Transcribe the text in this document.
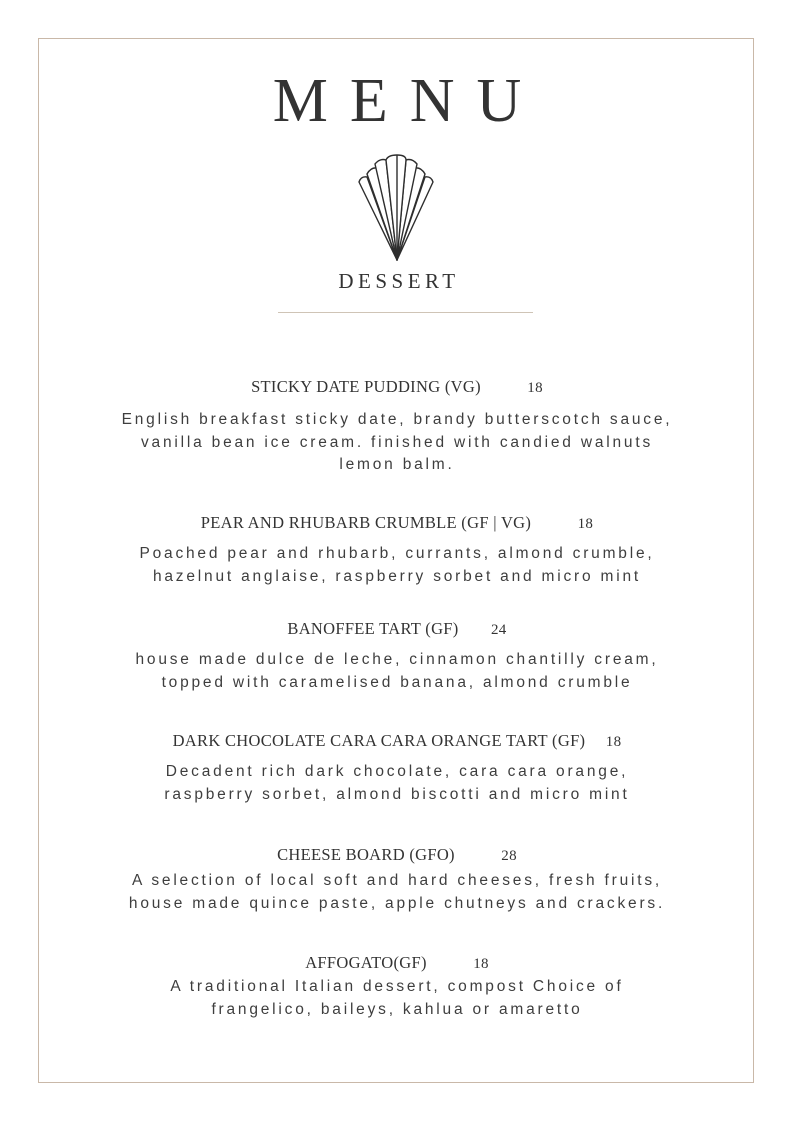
MENU
DESSERT
STICKY DATE PUDDING (VG)	18
English breakfast sticky date, brandy butterscotch sauce,
vanilla bean ice cream. finished with candied walnuts
lemon balm.
PEAR AND RHUBARB CRUMBLE (GF | VG)	18
Poached pear and rhubarb, currants, almond crumble,
hazelnut anglaise, raspberry sorbet and micro mint
BANOFFEE TART (GF) 24
house made dulce de leche, cinnamon chantilly cream,
topped with caramelised banana, almond crumble
DARK CHOCOLATE CARA CARA ORANGE TART (GF) 18
Decadent rich dark chocolate, cara cara orange,
raspberry sorbet, almond biscotti and micro mint
CHEESE BOARD (GFO)	28
A selection of local soft and hard cheeses, fresh fruits,
house made quince paste, apple chutneys and crackers.
AFFOGATO(GF)	18
A traditional Italian dessert, compost Choice of
frangelico, baileys, kahlua or amaretto
